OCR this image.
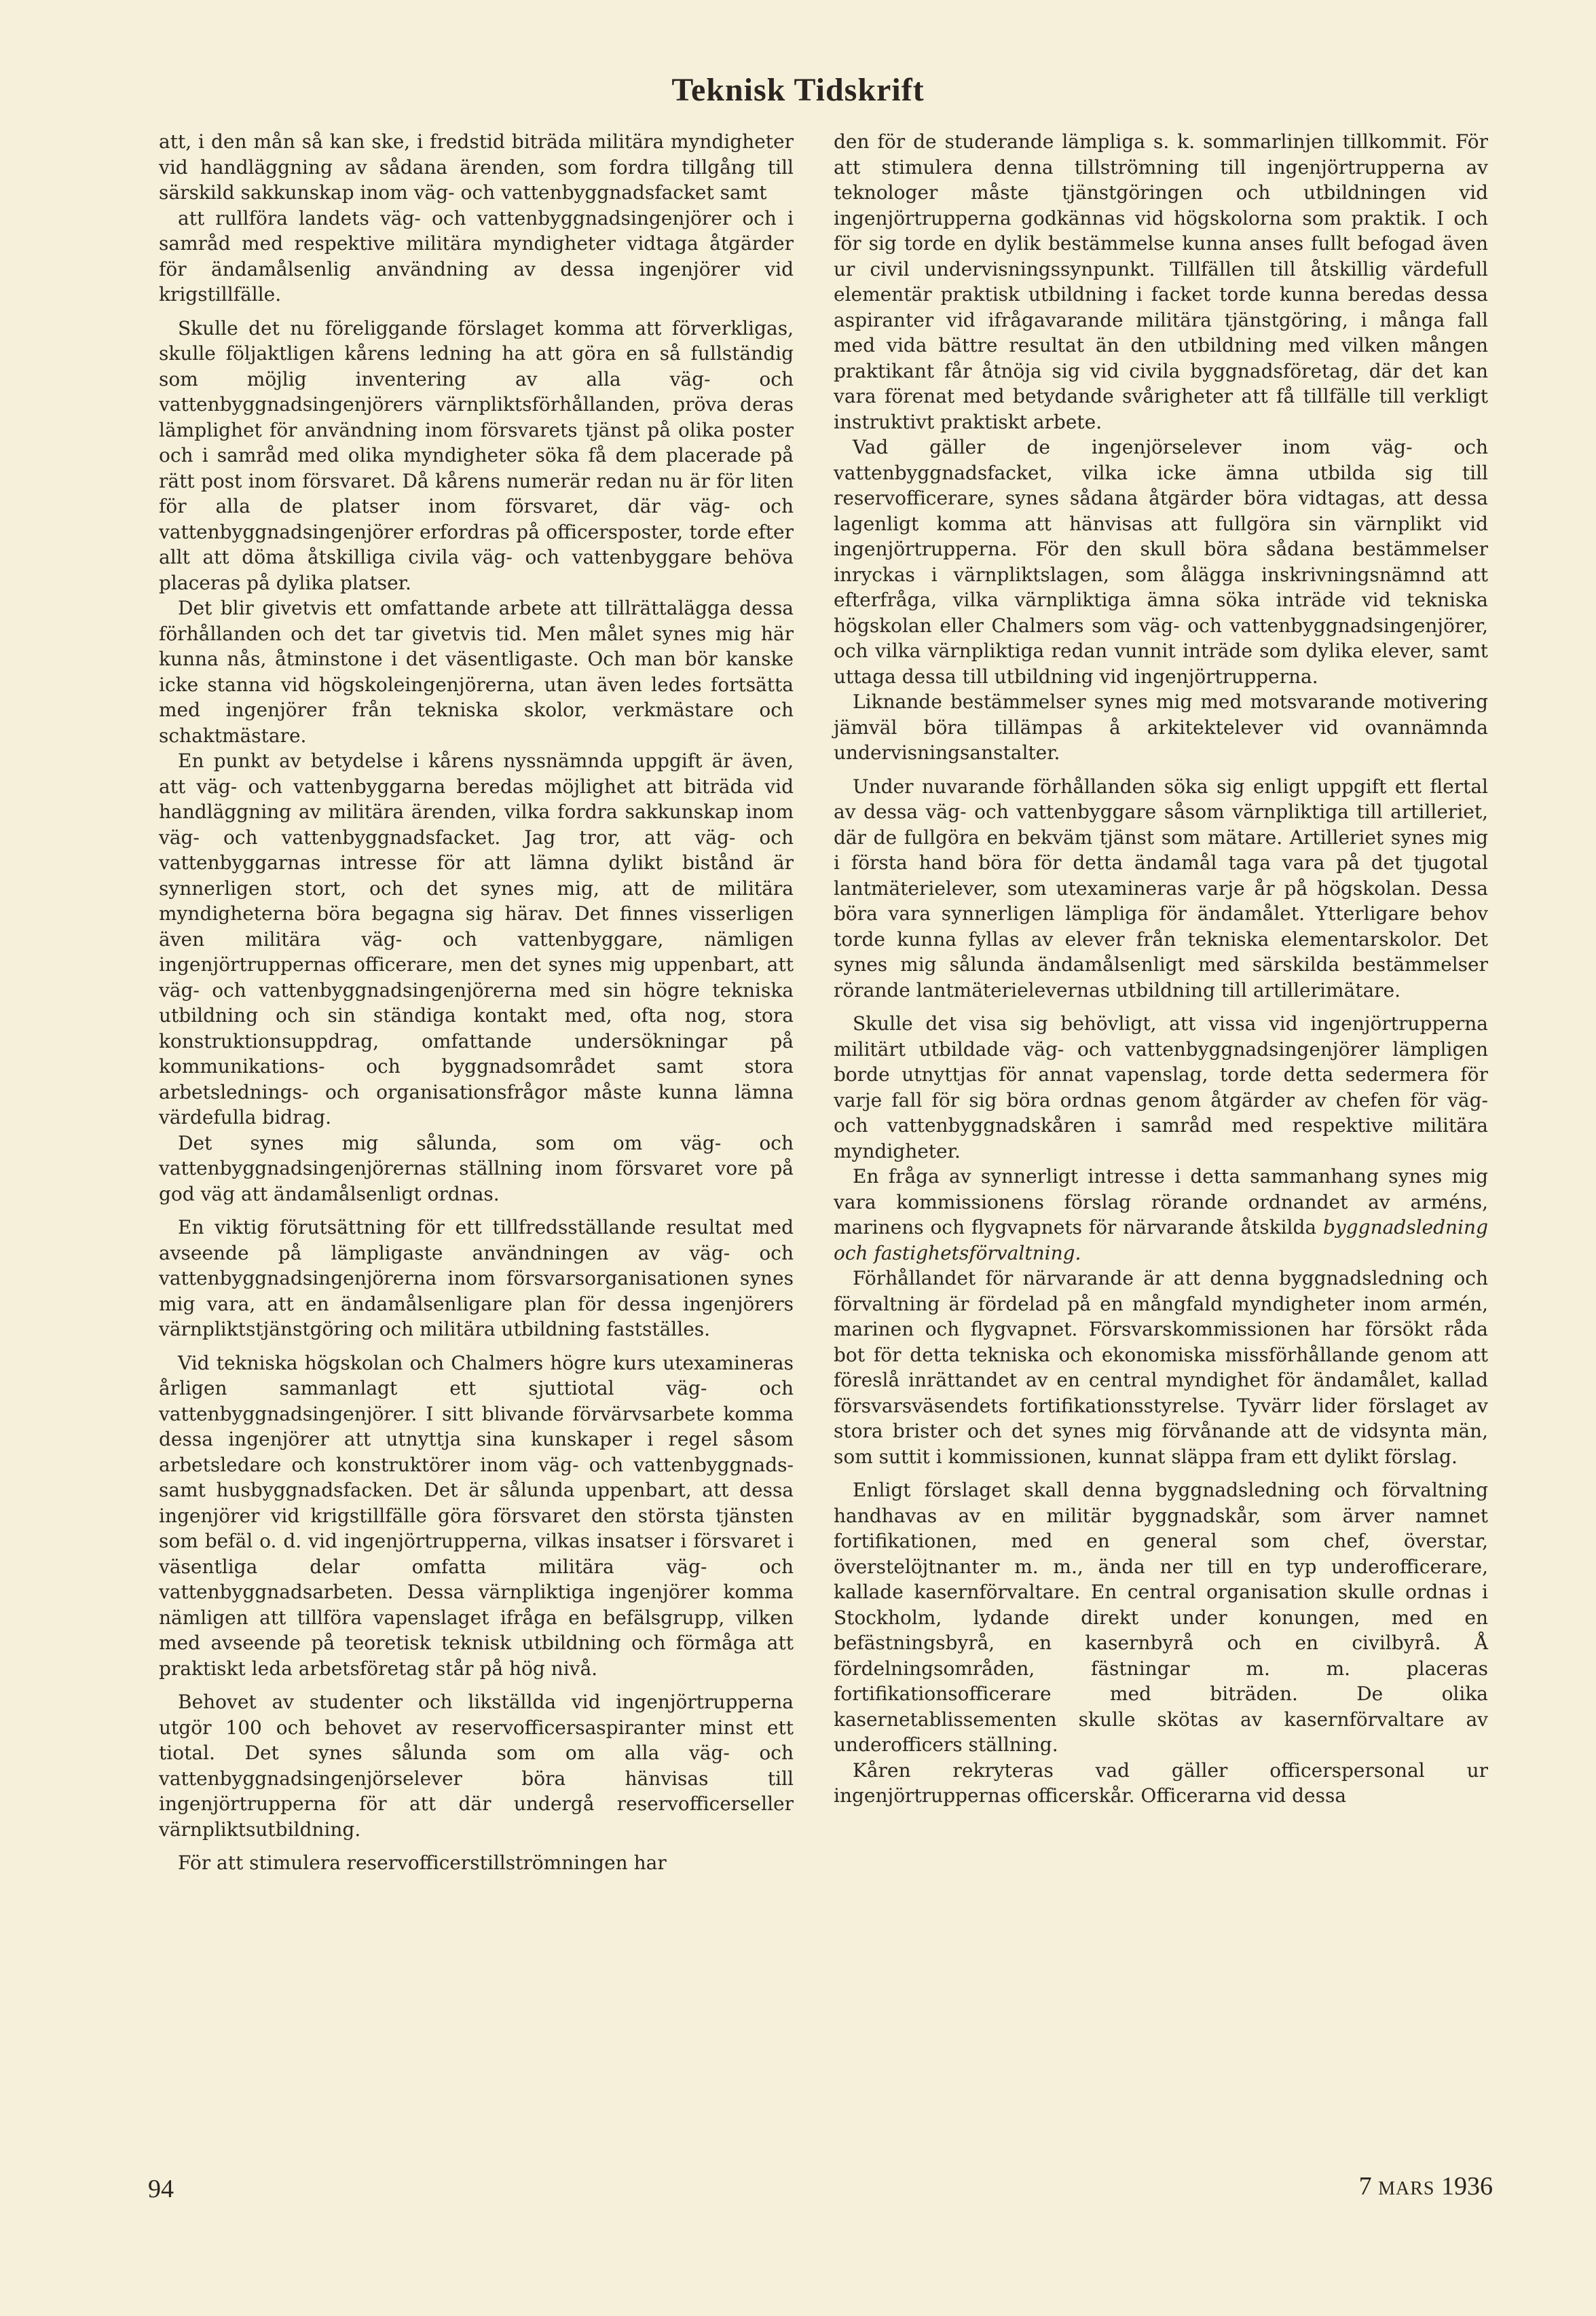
Teknisk Tidskrift

att, i den mån så kan ske, i fredstid biträda militära myndigheter vid handläggning av sådana ärenden, som fordra tillgång till särskild sakkunskap inom väg- och vattenbyggnadsfacket samt

att rullföra landets väg- och vattenbyggnadsingenjörer och i samråd med respektive militära myndigheter vidtaga åtgärder för ändamålsenlig användning av dessa ingenjörer vid krigstillfälle.

Skulle det nu föreliggande förslaget komma att förverkligas, skulle följaktligen kårens ledning ha att göra en så fullständig som möjlig inventering av alla väg- och vattenbyggnadsingenjörers värnpliktsförhållanden, pröva deras lämplighet för användning inom försvarets tjänst på olika poster och i samråd med olika myndigheter söka få dem placerade på rätt post inom försvaret. Då kårens numerär redan nu är för liten för alla de platser inom försvaret, där väg- och vattenbyggnadsingenjörer erfordras på officersposter, torde efter allt att döma åtskilliga civila väg- och vattenbyggare behöva placeras på dylika platser.

Det blir givetvis ett omfattande arbete att tillrättalägga dessa förhållanden och det tar givetvis tid. Men målet synes mig här kunna nås, åtminstone i det väsentligaste. Och man bör kanske icke stanna vid högskoleingenjörerna, utan även ledes fortsätta med ingenjörer från tekniska skolor, verkmästare och schaktmästare.

En punkt av betydelse i kårens nyssnämnda uppgift är även, att väg- och vattenbyggarna beredas möjlighet att biträda vid handläggning av militära ärenden, vilka fordra sakkunskap inom väg- och vattenbyggnadsfacket. Jag tror, att väg- och vattenbyggarnas intresse för att lämna dylikt bistånd är synnerligen stort, och det synes mig, att de militära myndigheterna böra begagna sig härav. Det finnes visserligen även militära väg- och vattenbyggare, nämligen ingenjörtruppernas officerare, men det synes mig uppenbart, att väg- och vattenbyggnadsingenjörerna med sin högre tekniska utbildning och sin ständiga kontakt med, ofta nog, stora konstruktionsuppdrag, omfattande undersökningar på kommunikations- och byggnadsområdet samt stora arbetslednings- och organisationsfrågor måste kunna lämna värdefulla bidrag.

Det synes mig sålunda, som om väg- och vattenbyggnadsingenjörernas ställning inom försvaret vore på god väg att ändamålsenligt ordnas.

En viktig förutsättning för ett tillfredsställande resultat med avseende på lämpligaste användningen av väg- och vattenbyggnadsingenjörerna inom försvarsorganisationen synes mig vara, att en ändamålsenligare plan för dessa ingenjörers värnpliktstjänstgöring och militära utbildning fastställes.

Vid tekniska högskolan och Chalmers högre kurs utexamineras årligen sammanlagt ett sjuttiotal väg- och vattenbyggnadsingenjörer. I sitt blivande förvärvsarbete komma dessa ingenjörer att utnyttja sina kunskaper i regel såsom arbetsledare och konstruktörer inom väg- och vattenbyggnads- samt husbyggnadsfacken. Det är sålunda uppenbart, att dessa ingenjörer vid krigstillfälle göra försvaret den största tjänsten som befäl o. d. vid ingenjörtrupperna, vilkas insatser i försvaret i väsentliga delar omfatta militära väg- och vattenbyggnadsarbeten. Dessa värnpliktiga ingenjörer komma nämligen att tillföra vapenslaget ifråga en befälsgrupp, vilken med avseende på teoretisk teknisk utbildning och förmåga att praktiskt leda arbetsföretag står på hög nivå.

Behovet av studenter och likställda vid ingenjörtrupperna utgör 100 och behovet av reservofficersaspiranter minst ett tiotal. Det synes sålunda som om alla väg- och vattenbyggnadsingenjörselever böra hänvisas till ingenjörtrupperna för att där undergå reservofficerseller värnpliktsutbildning.

För att stimulera reservofficerstillströmningen har

den för de studerande lämpliga s. k. sommarlinjen tillkommit. För att stimulera denna tillströmning till ingenjörtrupperna av teknologer måste tjänstgöringen och utbildningen vid ingenjörtrupperna godkännas vid högskolorna som praktik. I och för sig torde en dylik bestämmelse kunna anses fullt befogad även ur civil undervisningssynpunkt. Tillfällen till åtskillig värdefull elementär praktisk utbildning i facket torde kunna beredas dessa aspiranter vid ifrågavarande militära tjänstgöring, i många fall med vida bättre resultat än den utbildning med vilken mången praktikant får åtnöja sig vid civila byggnadsföretag, där det kan vara förenat med betydande svårigheter att få tillfälle till verkligt instruktivt praktiskt arbete.

Vad gäller de ingenjörselever inom väg- och vattenbyggnadsfacket, vilka icke ämna utbilda sig till reservofficerare, synes sådana åtgärder böra vidtagas, att dessa lagenligt komma att hänvisas att fullgöra sin värnplikt vid ingenjörtrupperna. För den skull böra sådana bestämmelser inryckas i värnpliktslagen, som ålägga inskrivningsnämnd att efterfråga, vilka värnpliktiga ämna söka inträde vid tekniska högskolan eller Chalmers som väg- och vattenbyggnadsingenjörer, och vilka värnpliktiga redan vunnit inträde som dylika elever, samt uttaga dessa till utbildning vid ingenjörtrupperna.

Liknande bestämmelser synes mig med motsvarande motivering jämväl böra tillämpas å arkitektelever vid ovannämnda undervisningsanstalter.

Under nuvarande förhållanden söka sig enligt uppgift ett flertal av dessa väg- och vattenbyggare såsom värnpliktiga till artilleriet, där de fullgöra en bekväm tjänst som mätare. Artilleriet synes mig i första hand böra för detta ändamål taga vara på det tjugotal lantmäterielever, som utexamineras varje år på högskolan. Dessa böra vara synnerligen lämpliga för ändamålet. Ytterligare behov torde kunna fyllas av elever från tekniska elementarskolor. Det synes mig sålunda ändamålsenligt med särskilda bestämmelser rörande lantmäterielevernas utbildning till artillerimätare.

Skulle det visa sig behövligt, att vissa vid ingenjörtrupperna militärt utbildade väg- och vattenbyggnadsingenjörer lämpligen borde utnyttjas för annat vapenslag, torde detta sedermera för varje fall för sig böra ordnas genom åtgärder av chefen för väg- och vattenbyggnadskåren i samråd med respektive militära myndigheter.

En fråga av synnerligt intresse i detta sammanhang synes mig vara kommissionens förslag rörande ordnandet av arméns, marinens och flygvapnets för närvarande åtskilda byggnadsledning och fastighetsförvaltning.

Förhållandet för närvarande är att denna byggnadsledning och förvaltning är fördelad på en mångfald myndigheter inom armén, marinen och flygvapnet. Försvarskommissionen har försökt råda bot för detta tekniska och ekonomiska missförhållande genom att föreslå inrättandet av en central myndighet för ändamålet, kallad försvarsväsendets fortifikationsstyrelse. Tyvärr lider förslaget av stora brister och det synes mig förvånande att de vidsynta män, som suttit i kommissionen, kunnat släppa fram ett dylikt förslag.

Enligt förslaget skall denna byggnadsledning och förvaltning handhavas av en militär byggnadskår, som ärver namnet fortifikationen, med en general som chef, överstar, överstelöjtnanter m. m., ända ner till en typ underofficerare, kallade kasernförvaltare. En central organisation skulle ordnas i Stockholm, lydande direkt under konungen, med en befästningsbyrå, en kasernbyrå och en civilbyrå. Å fördelningsområden, fästningar m. m. placeras fortifikationsofficerare med biträden. De olika kasernetablissementen skulle skötas av kasernförvaltare av underofficers ställning.

Kåren rekryteras vad gäller officerspersonal ur ingenjörtruppernas officerskår. Officerarna vid dessa

94	7 MARS 1936
